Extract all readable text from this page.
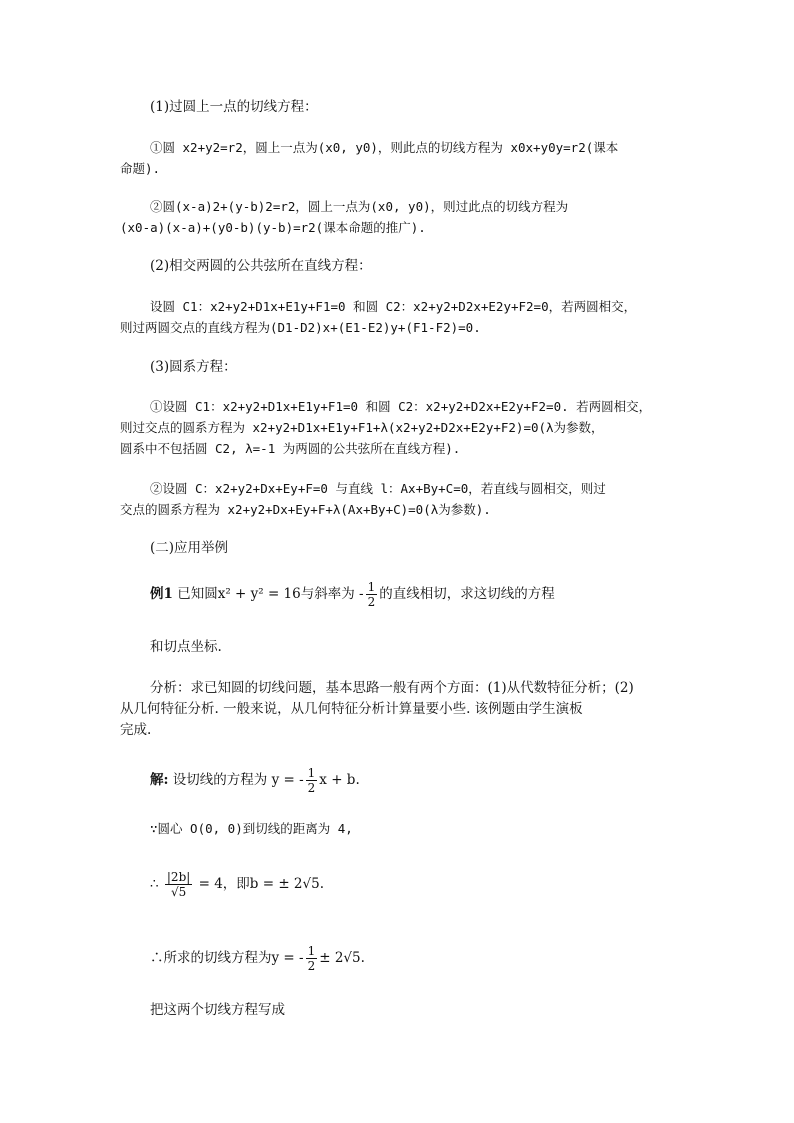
(1)过圆上一点的切线方程：
①圆 x2+y2=r2，圆上一点为(x0, y0)，则此点的切线方程为 x0x+y0y=r2(课本
命题).
②圆(x-a)2+(y-b)2=r2，圆上一点为(x0, y0)，则过此点的切线方程为
(x0-a)(x-a)+(y0-b)(y-b)=r2(课本命题的推广).
(2)相交两圆的公共弦所在直线方程：
设圆 C1：x2+y2+D1x+E1y+F1=0 和圆 C2：x2+y2+D2x+E2y+F2=0，若两圆相交，
则过两圆交点的直线方程为(D1-D2)x+(E1-E2)y+(F1-F2)=0.
(3)圆系方程：
①设圆 C1：x2+y2+D1x+E1y+F1=0 和圆 C2：x2+y2+D2x+E2y+F2=0. 若两圆相交，
则过交点的圆系方程为 x2+y2+D1x+E1y+F1+λ(x2+y2+D2x+E2y+F2)=0(λ为参数，
圆系中不包括圆 C2, λ=-1 为两圆的公共弦所在直线方程).
②设圆 C：x2+y2+Dx+Ey+F=0 与直线 l：Ax+By+C=0，若直线与圆相交，则过
交点的圆系方程为 x2+y2+Dx+Ey+F+λ(Ax+By+C)=0(λ为参数).
(二)应用举例
例1 已知圆x² + y² = 16与斜率为 - $\frac{1}{2}$ 的直线相切，求这切线的方程
和切点坐标.
分析：求已知圆的切线问题，基本思路一般有两个方面：(1)从代数特征分析；(2)
从几何特征分析. 一般来说，从几何特征分析计算量要小些. 该例题由学生演板
完成.
解: 设切线的方程为 y = - $\frac{1}{2}$ x + b.
∵圆心 O(0, 0)到切线的距离为 4,
∴ $\frac{|2b|}{√5} = 4$，即b = ± 2√5.
∴所求的切线方程为y = - $\frac{1}{2} \pm 2√5$.
把这两个切线方程写成
